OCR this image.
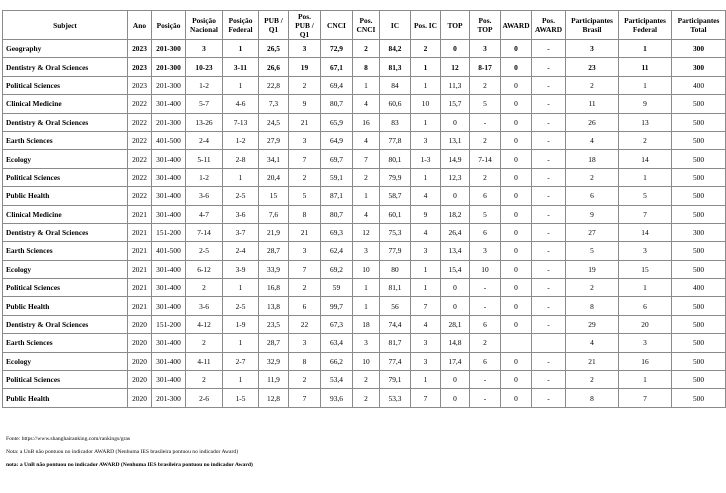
Subject	Ano	Posição	Posição Nacional	Posição Federal	PUB / Q1	Pos. PUB / Q1	CNCI	Pos. CNCI	IC	Pos. IC	TOP	Pos. TOP	AWARD	Pos. AWARD	Participantes Brasil	Participantes Federal	Participantes Total
Geography	2023	201-300	3	1	26,5	3	72,9	2	84,2	2	0	3	0	-	3	1	300
Dentistry & Oral Sciences	2023	201-300	10-23	3-11	26,6	19	67,1	8	81,3	1	12	8-17	0	-	23	11	300
Political Sciences	2023	201-300	1-2	1	22,8	2	69,4	1	84	1	11,3	2	0	-	2	1	400
Clinical Medicine	2022	301-400	5-7	4-6	7,3	9	80,7	4	60,6	10	15,7	5	0	-	11	9	500
Dentistry & Oral Sciences	2022	201-300	13-26	7-13	24,5	21	65,9	16	83	1	0	-	0	-	26	13	500
Earth Sciences	2022	401-500	2-4	1-2	27,9	3	64,9	4	77,8	3	13,1	2	0	-	4	2	500
Ecology	2022	301-400	5-11	2-8	34,1	7	69,7	7	80,1	1-3	14,9	7-14	0	-	18	14	500
Political Sciences	2022	301-400	1-2	1	20,4	2	59,1	2	79,9	1	12,3	2	0	-	2	1	500
Public Health	2022	301-400	3-6	2-5	15	5	87,1	1	58,7	4	0	6	0	-	6	5	500
Clinical Medicine	2021	301-400	4-7	3-6	7,6	8	80,7	4	60,1	9	18,2	5	0	-	9	7	500
Dentistry & Oral Sciences	2021	151-200	7-14	3-7	21,9	21	69,3	12	75,3	4	26,4	6	0	-	27	14	300
Earth Sciences	2021	401-500	2-5	2-4	28,7	3	62,4	3	77,9	3	13,4	3	0	-	5	3	500
Ecology	2021	301-400	6-12	3-9	33,9	7	69,2	10	80	1	15,4	10	0	-	19	15	500
Political Sciences	2021	301-400	2	1	16,8	2	59	1	81,1	1	0	-	0	-	2	1	400
Public Health	2021	301-400	3-6	2-5	13,8	6	99,7	1	56	7	0	-	0	-	8	6	500
Dentistry & Oral Sciences	2020	151-200	4-12	1-9	23,5	22	67,3	18	74,4	4	28,1	6	0	-	29	20	500
Earth Sciences	2020	301-400	2	1	28,7	3	63,4	3	81,7	3	14,8	2			4	3	500
Ecology	2020	301-400	4-11	2-7	32,9	8	66,2	10	77,4	3	17,4	6	0	-	21	16	500
Political Sciences	2020	301-400	2	1	11,9	2	53,4	2	79,1	1	0	-	0	-	2	1	500
Public Health	2020	201-300	2-6	1-5	12,8	7	93,6	2	53,3	7	0	-	0	-	8	7	500
Fonte: https://www.shanghairanking.com/rankings/gras
Nota: a UnB não pontuou no indicador AWARD (Nenhuma IES brasileira pontuou no indicador Award)
nota: a UnB não pontuou no indicador AWARD (Nenhuma IES brasileira pontuou no indicador Award)
